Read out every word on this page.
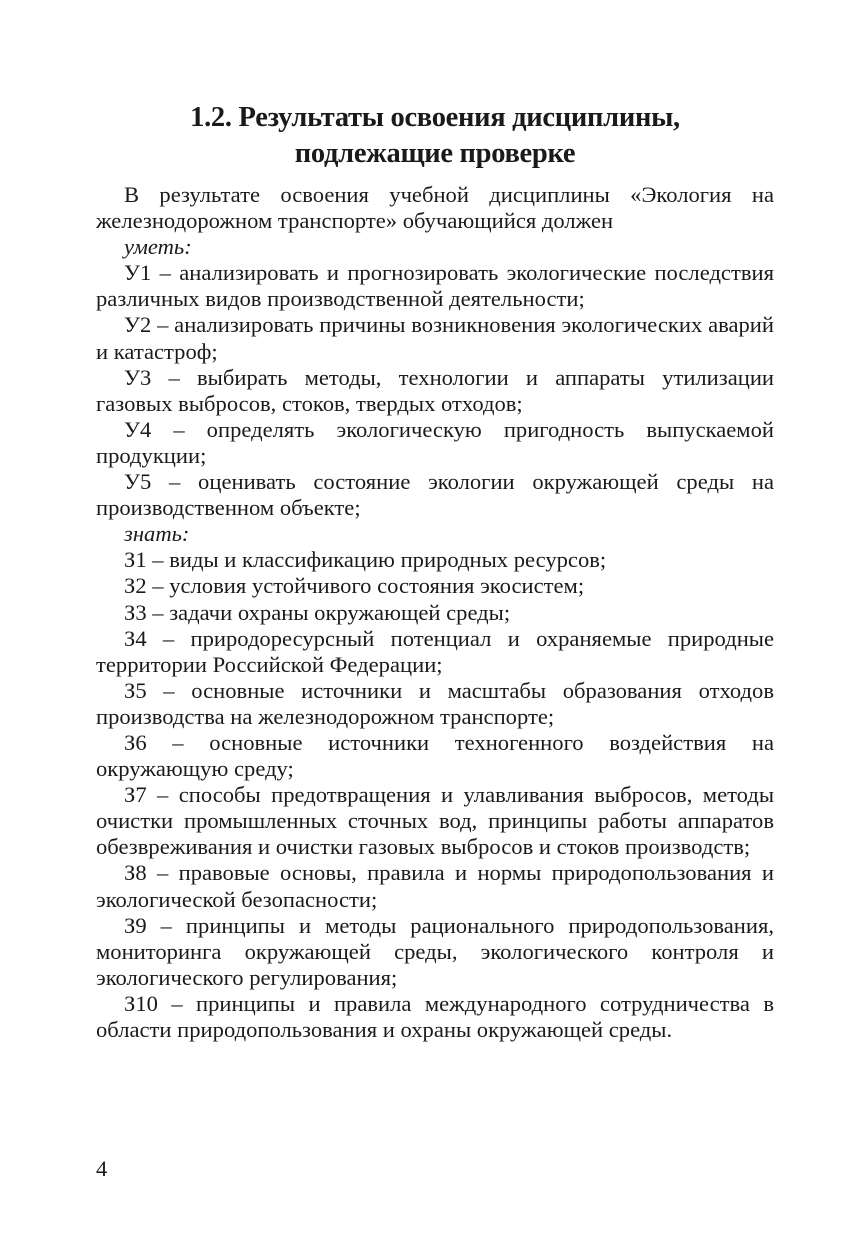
1.2. Результаты освоения дисциплины,
подлежащие проверке

В результате освоения учебной дисциплины «Экология на железнодорожном транспорте» обучающийся должен

уметь:

У1 – анализировать и прогнозировать экологические последствия различных видов производственной деятельности;

У2 – анализировать причины возникновения экологических аварий и катастроф;

У3 – выбирать методы, технологии и аппараты утилизации газовых выбросов, стоков, твердых отходов;

У4 – определять экологическую пригодность выпускаемой продукции;

У5 – оценивать состояние экологии окружающей среды на производственном объекте;

знать:

З1 – виды и классификацию природных ресурсов;

З2 – условия устойчивого состояния экосистем;

З3 – задачи охраны окружающей среды;

З4 – природоресурсный потенциал и охраняемые природные территории Российской Федерации;

З5 – основные источники и масштабы образования отходов производства на железнодорожном транспорте;

З6 – основные источники техногенного воздействия на окружающую среду;

З7 – способы предотвращения и улавливания выбросов, методы очистки промышленных сточных вод, принципы работы аппаратов обезвреживания и очистки газовых выбросов и стоков производств;

З8 – правовые основы, правила и нормы природопользования и экологической безопасности;

З9 – принципы и методы рационального природопользования, мониторинга окружающей среды, экологического контроля и экологического регулирования;

З10 – принципы и правила международного сотрудничества в области природопользования и охраны окружающей среды.

4
